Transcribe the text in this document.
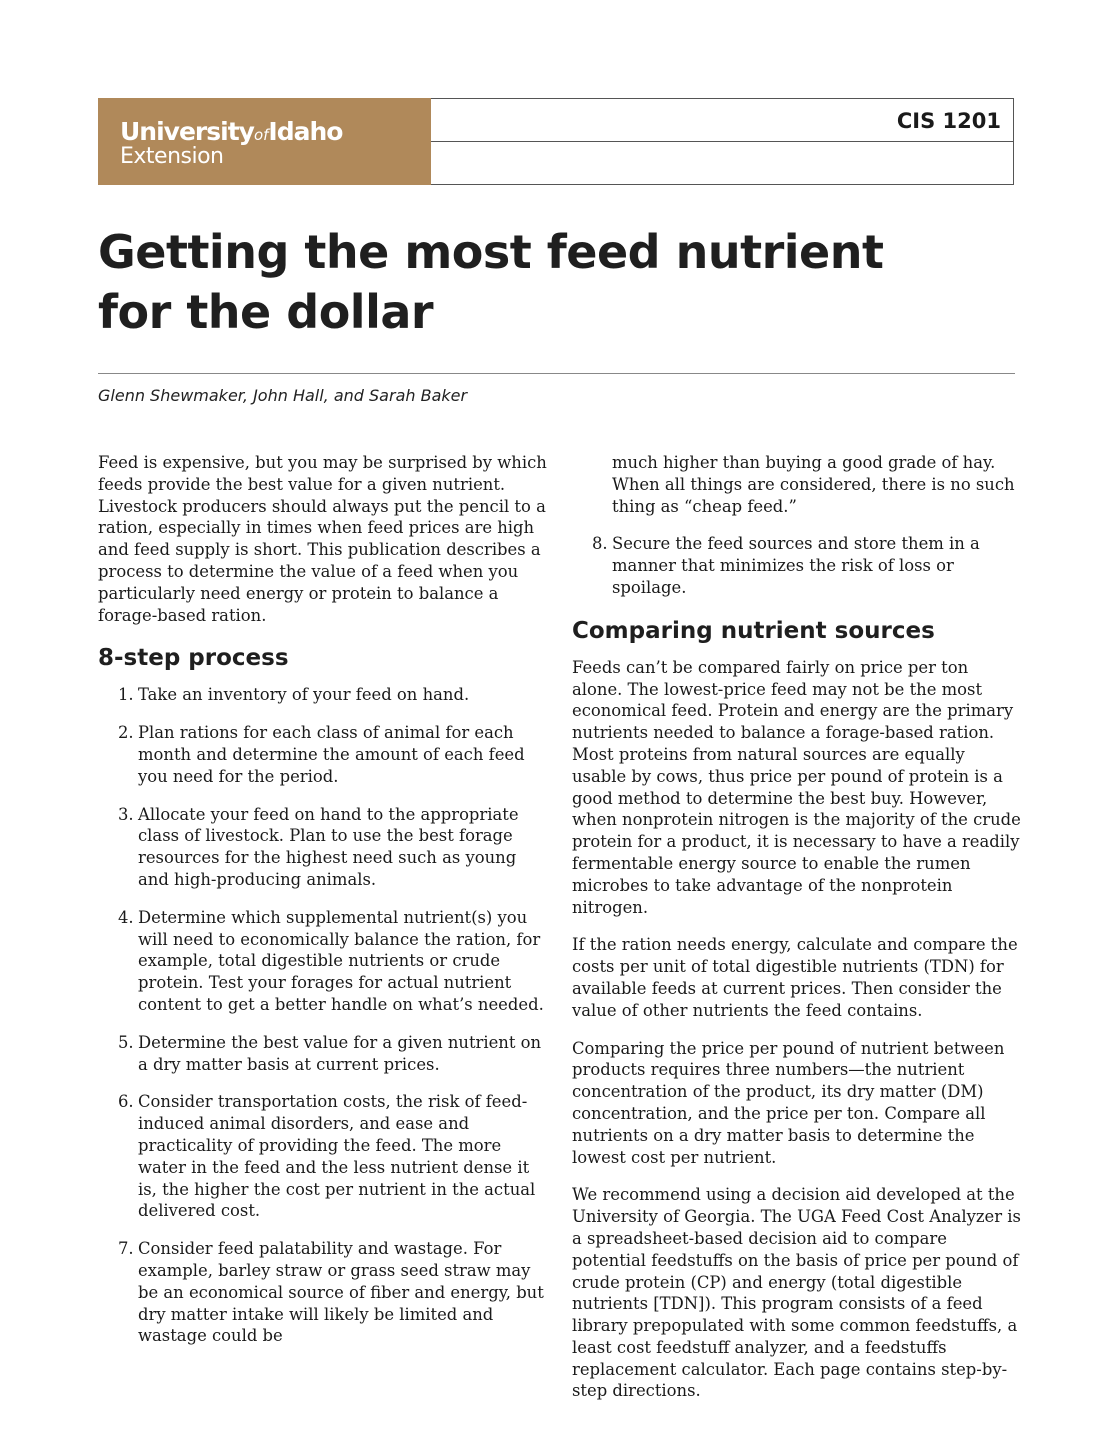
UniversityofIdaho
Extension
CIS 1201
Getting the most feed nutrient
for the dollar
Glenn Shewmaker, John Hall, and Sarah Baker

Feed is expensive, but you may be surprised by which feeds provide the best value for a given nutrient. Livestock producers should always put the pencil to a ration, especially in times when feed prices are high and feed supply is short. This publication describes a process to determine the value of a feed when you particularly need energy or protein to balance a forage-based ration.

8-step process
1. Take an inventory of your feed on hand.
2. Plan rations for each class of animal for each month and determine the amount of each feed you need for the period.
3. Allocate your feed on hand to the appropriate class of livestock. Plan to use the best forage resources for the highest need such as young and high-producing animals.
4. Determine which supplemental nutrient(s) you will need to economically balance the ration, for example, total digestible nutrients or crude protein. Test your forages for actual nutrient content to get a better handle on what’s needed.
5. Determine the best value for a given nutrient on a dry matter basis at current prices.
6. Consider transportation costs, the risk of feed-induced animal disorders, and ease and practicality of providing the feed. The more water in the feed and the less nutrient dense it is, the higher the cost per nutrient in the actual delivered cost.
7. Consider feed palatability and wastage. For example, barley straw or grass seed straw may be an economical source of fiber and energy, but dry matter intake will likely be limited and wastage could be

much higher than buying a good grade of hay. When all things are considered, there is no such thing as “cheap feed.”

8. Secure the feed sources and store them in a manner that minimizes the risk of loss or spoilage.
Comparing nutrient sources

Feeds can’t be compared fairly on price per ton alone. The lowest-price feed may not be the most economical feed. Protein and energy are the primary nutrients needed to balance a forage-based ration. Most proteins from natural sources are equally usable by cows, thus price per pound of protein is a good method to determine the best buy. However, when nonprotein nitrogen is the majority of the crude protein for a product, it is necessary to have a readily fermentable energy source to enable the rumen microbes to take advantage of the nonprotein nitrogen.

If the ration needs energy, calculate and compare the costs per unit of total digestible nutrients (TDN) for available feeds at current prices. Then consider the value of other nutrients the feed contains.

Comparing the price per pound of nutrient between products requires three numbers—the nutrient concentration of the product, its dry matter (DM) concentration, and the price per ton. Compare all nutrients on a dry matter basis to determine the lowest cost per nutrient.

We recommend using a decision aid developed at the University of Georgia. The UGA Feed Cost Analyzer is a spreadsheet-based decision aid to compare potential feedstuffs on the basis of price per pound of crude protein (CP) and energy (total digestible nutrients [TDN]). This program consists of a feed library prepopulated with some common feedstuffs, a least cost feedstuff analyzer, and a feedstuffs replacement calculator. Each page contains step-by-step directions.
